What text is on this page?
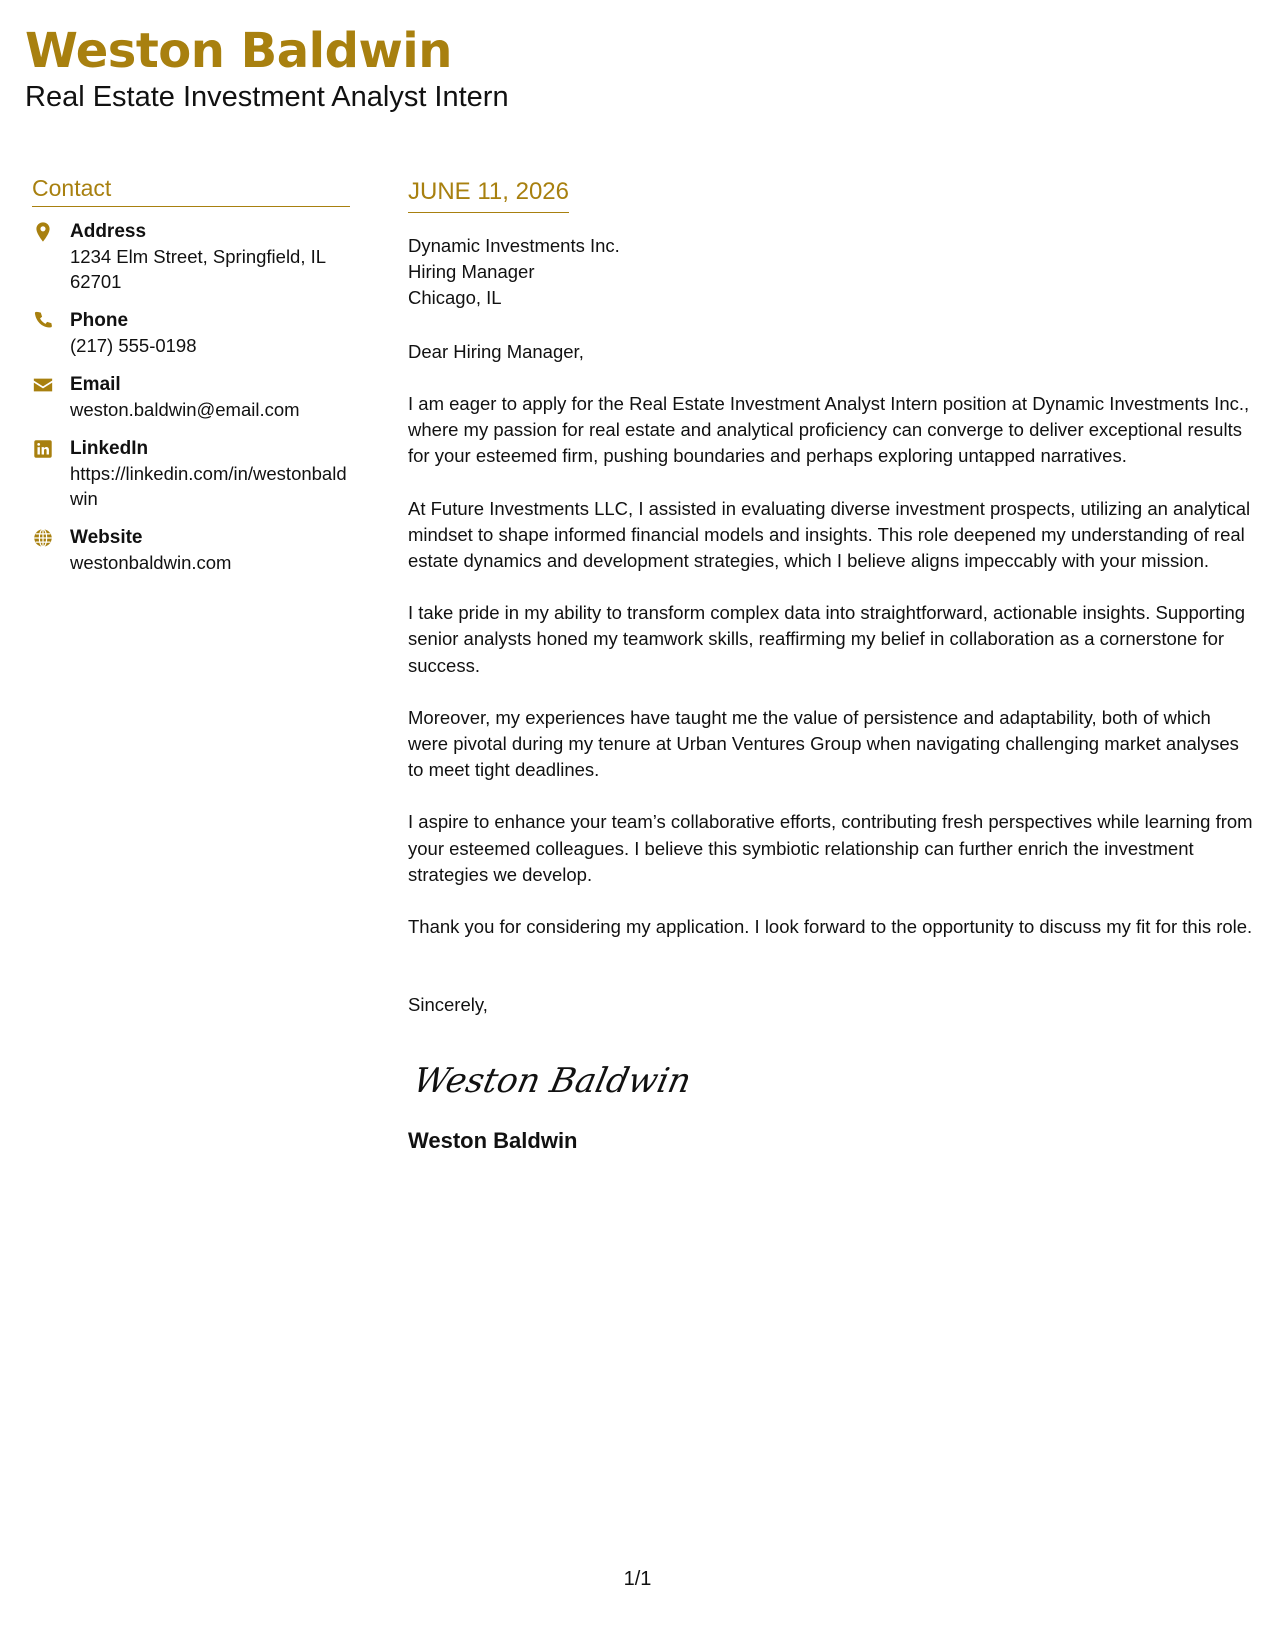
Weston Baldwin
Real Estate Investment Analyst Intern
Contact
Address
1234 Elm Street, Springfield, IL 62701
Phone
(217) 555-0198
Email
weston.baldwin@email.com
LinkedIn
https://linkedin.com/in/westonbaldwin
Website
westonbaldwin.com
JUNE 11, 2026
Dynamic Investments Inc.
Hiring Manager
Chicago, IL
Dear Hiring Manager,

I am eager to apply for the Real Estate Investment Analyst Intern position at Dynamic Investments Inc., where my passion for real estate and analytical proficiency can converge to deliver exceptional results for your esteemed firm, pushing boundaries and perhaps exploring untapped narratives.

At Future Investments LLC, I assisted in evaluating diverse investment prospects, utilizing an analytical mindset to shape informed financial models and insights. This role deepened my understanding of real estate dynamics and development strategies, which I believe aligns impeccably with your mission.

I take pride in my ability to transform complex data into straightforward, actionable insights. Supporting senior analysts honed my teamwork skills, reaffirming my belief in collaboration as a cornerstone for success.

Moreover, my experiences have taught me the value of persistence and adaptability, both of which were pivotal during my tenure at Urban Ventures Group when navigating challenging market analyses to meet tight deadlines.

I aspire to enhance your team’s collaborative efforts, contributing fresh perspectives while learning from your esteemed colleagues. I believe this symbiotic relationship can further enrich the investment strategies we develop.

Thank you for considering my application. I look forward to the opportunity to discuss my fit for this role.

Sincerely,
Weston Baldwin
Weston Baldwin
1/1
